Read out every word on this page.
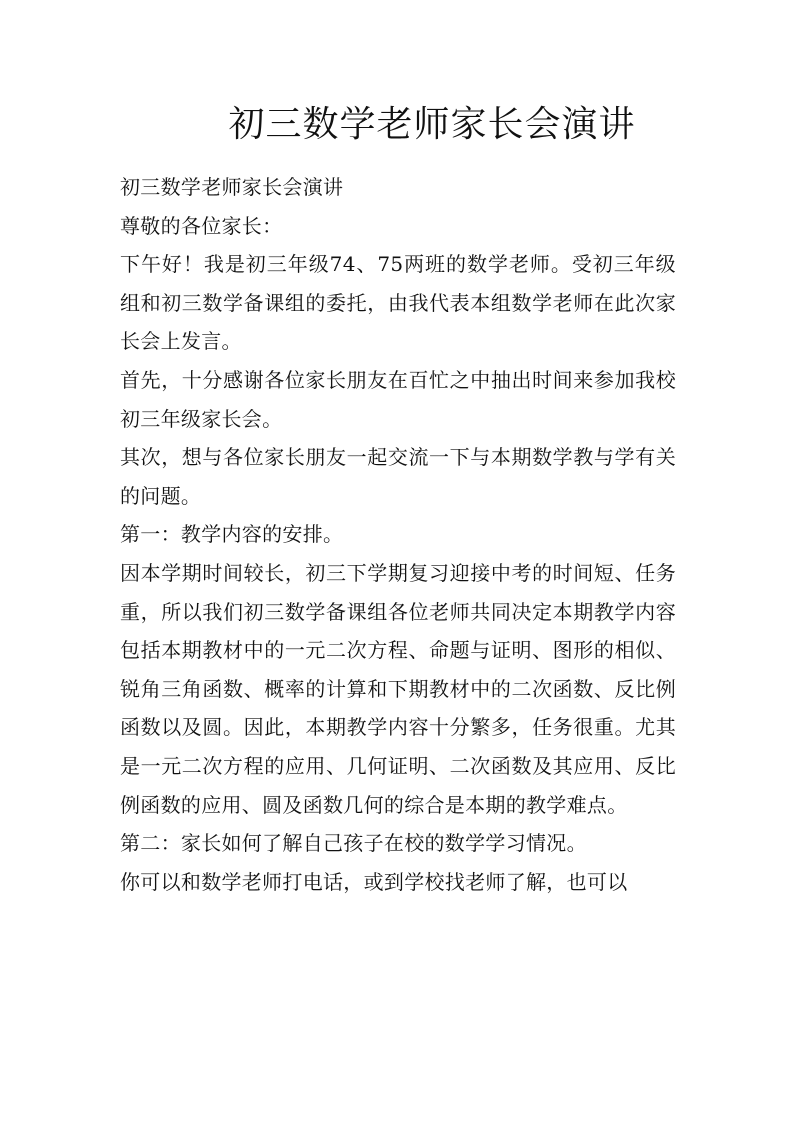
初三数学老师家长会演讲

初三数学老师家长会演讲

尊敬的各位家长：

下午好！我是初三年级74、75两班的数学老师。受初三年级组和初三数学备课组的委托，由我代表本组数学老师在此次家长会上发言。

首先，十分感谢各位家长朋友在百忙之中抽出时间来参加我校初三年级家长会。

其次，想与各位家长朋友一起交流一下与本期数学教与学有关的问题。

第一：教学内容的安排。

因本学期时间较长，初三下学期复习迎接中考的时间短、任务重，所以我们初三数学备课组各位老师共同决定本期教学内容包括本期教材中的一元二次方程、命题与证明、图形的相似、锐角三角函数、概率的计算和下期教材中的二次函数、反比例函数以及圆。因此，本期教学内容十分繁多，任务很重。尤其是一元二次方程的应用、几何证明、二次函数及其应用、反比例函数的应用、圆及函数几何的综合是本期的教学难点。

第二：家长如何了解自己孩子在校的数学学习情况。

你可以和数学老师打电话，或到学校找老师了解，也可以
